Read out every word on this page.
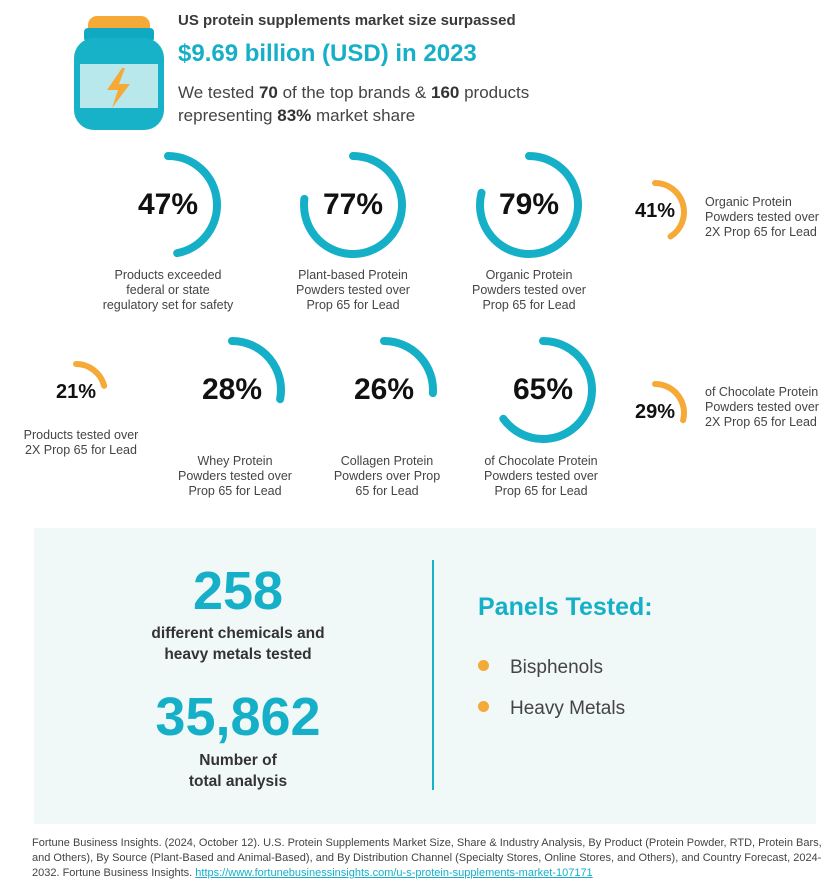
US protein supplements market size surpassed
$9.69 billion (USD) in 2023
We tested 70 of the top brands & 160 products
representing 83% market share
47%
Products exceeded
federal or state
regulatory set for safety
77%
Plant-based Protein
Powders tested over
Prop 65 for Lead
79%
Organic Protein
Powders tested over
Prop 65 for Lead
41%	Organic Protein
Powders tested over
2X Prop 65 for Lead
21%
Products tested over
2X Prop 65 for Lead
28%
Whey Protein
Powders tested over
Prop 65 for Lead
26%
Collagen Protein
Powders over Prop
65 for Lead
65%
of Chocolate Protein
Powders tested over
Prop 65 for Lead
29%
of Chocolate Protein
Powders tested over
2X Prop 65 for Lead
258
different chemicals and
heavy metals tested
35,862
Number of
total analysis
Panels Tested:
Bisphenols
Heavy Metals
Fortune Business Insights. (2024, October 12). U.S. Protein Supplements Market Size, Share & Industry Analysis, By Product (Protein Powder, RTD, Protein Bars, and Others), By Source (Plant-Based and Animal-Based), and By Distribution Channel (Specialty Stores, Online Stores, and Others), and Country Forecast, 2024-2032. Fortune Business Insights. https://www.fortunebusinessinsights.com/u-s-protein-supplements-market-107171
